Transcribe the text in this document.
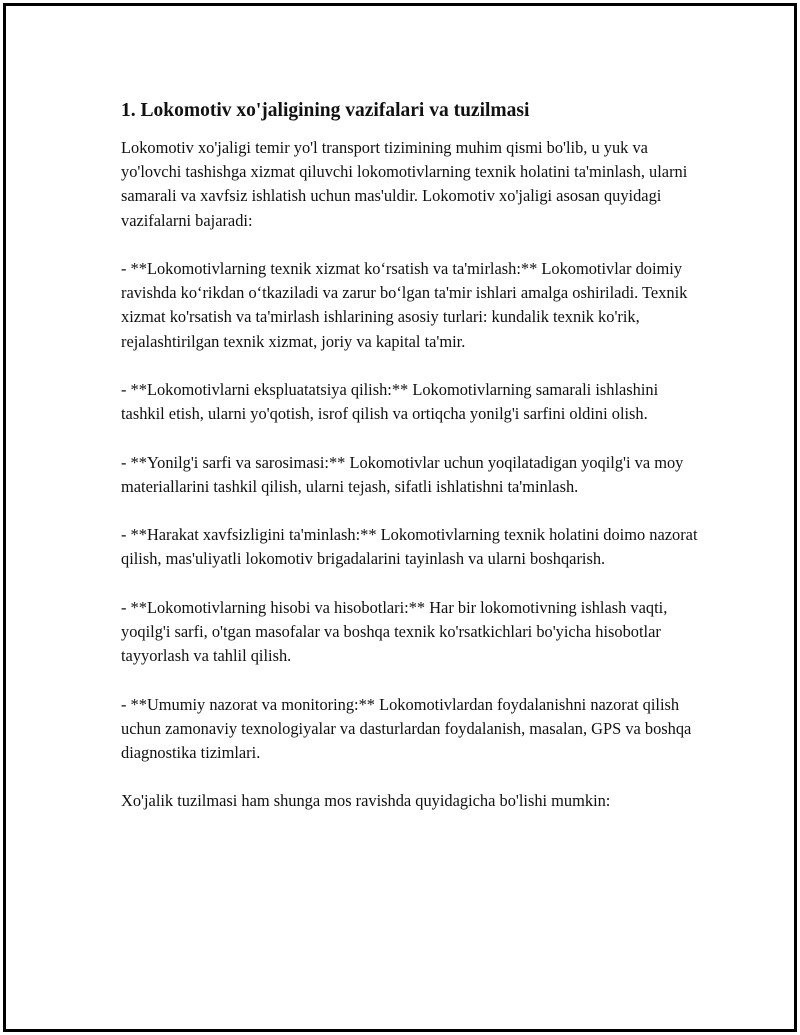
1. Lokomotiv xo'jaligining vazifalari va tuzilmasi

Lokomotiv xo'jaligi temir yo'l transport tizimining muhim qismi bo'lib, u yuk va yo'lovchi tashishga xizmat qiluvchi lokomotivlarning texnik holatini ta'minlash, ularni samarali va xavfsiz ishlatish uchun mas'uldir. Lokomotiv xo'jaligi asosan quyidagi vazifalarni bajaradi:

- **Lokomotivlarning texnik xizmat ko‘rsatish va ta'mirlash:** Lokomotivlar doimiy ravishda ko‘rikdan o‘tkaziladi va zarur bo‘lgan ta'mir ishlari amalga oshiriladi. Texnik xizmat ko'rsatish va ta'mirlash ishlarining asosiy turlari: kundalik texnik ko'rik, rejalashtirilgan texnik xizmat, joriy va kapital ta'mir.

- **Lokomotivlarni ekspluatatsiya qilish:** Lokomotivlarning samarali ishlashini tashkil etish, ularni yo'qotish, isrof qilish va ortiqcha yonilg'i sarfini oldini olish.

- **Yonilg'i sarfi va sarosimasi:** Lokomotivlar uchun yoqilatadigan yoqilg'i va moy materiallarini tashkil qilish, ularni tejash, sifatli ishlatishni ta'minlash.

- **Harakat xavfsizligini ta'minlash:** Lokomotivlarning texnik holatini doimo nazorat qilish, mas'uliyatli lokomotiv brigadalarini tayinlash va ularni boshqarish.

- **Lokomotivlarning hisobi va hisobotlari:** Har bir lokomotivning ishlash vaqti, yoqilg'i sarfi, o'tgan masofalar va boshqa texnik ko'rsatkichlari bo'yicha hisobotlar tayyorlash va tahlil qilish.

- **Umumiy nazorat va monitoring:** Lokomotivlardan foydalanishni nazorat qilish uchun zamonaviy texnologiyalar va dasturlardan foydalanish, masalan, GPS va boshqa diagnostika tizimlari.

Xo'jalik tuzilmasi ham shunga mos ravishda quyidagicha bo'lishi mumkin:
